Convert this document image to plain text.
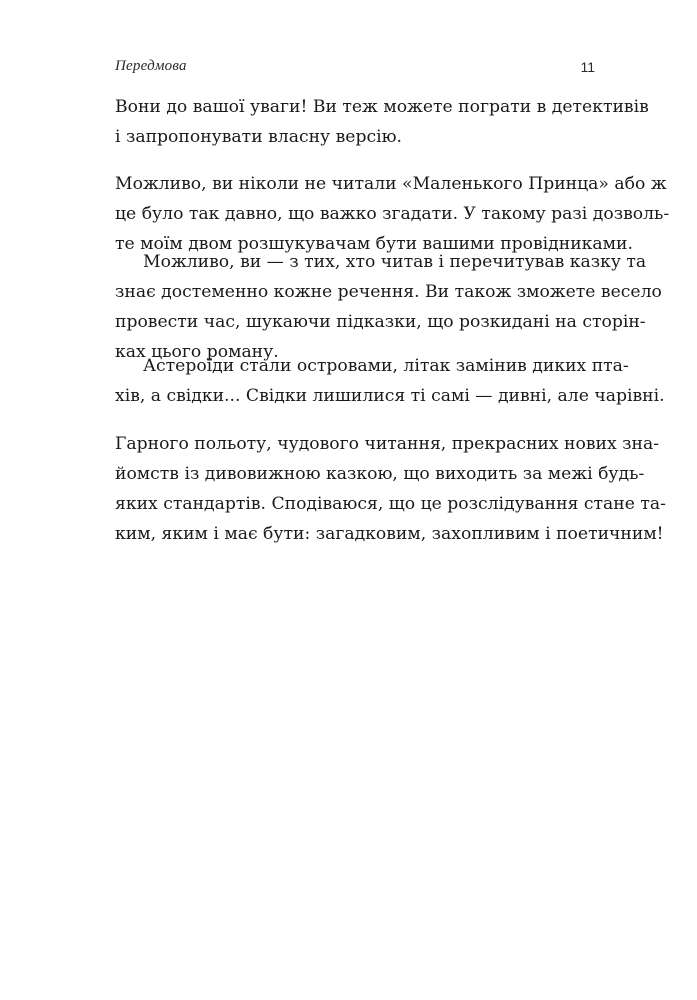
Передмова	11
Вони до вашої уваги! Ви теж можете пограти в детективів
і запропонувати власну версію.
Можливо, ви ніколи не читали «Маленького Принца» або ж
це було так давно, що важко згадати. У такому разі дозволь-
те моїм двом розшукувачам бути вашими провідниками.
Можливо, ви — з тих, хто читав і перечитував казку та
знає достеменно кожне речення. Ви також зможете весело
провести час, шукаючи підказки, що розкидані на сторін-
ках цього роману.
Астероїди стали островами, літак замінив диких пта-
хів, а свідки... Свідки лишилися ті самі — дивні, але чарівні.
Гарного польоту, чудового читання, прекрасних нових зна-
йомств із дивовижною казкою, що виходить за межі будь-
яких стандартів. Сподіваюся, що це розслідування стане та-
ким, яким і має бути: загадковим, захопливим і поетичним!
